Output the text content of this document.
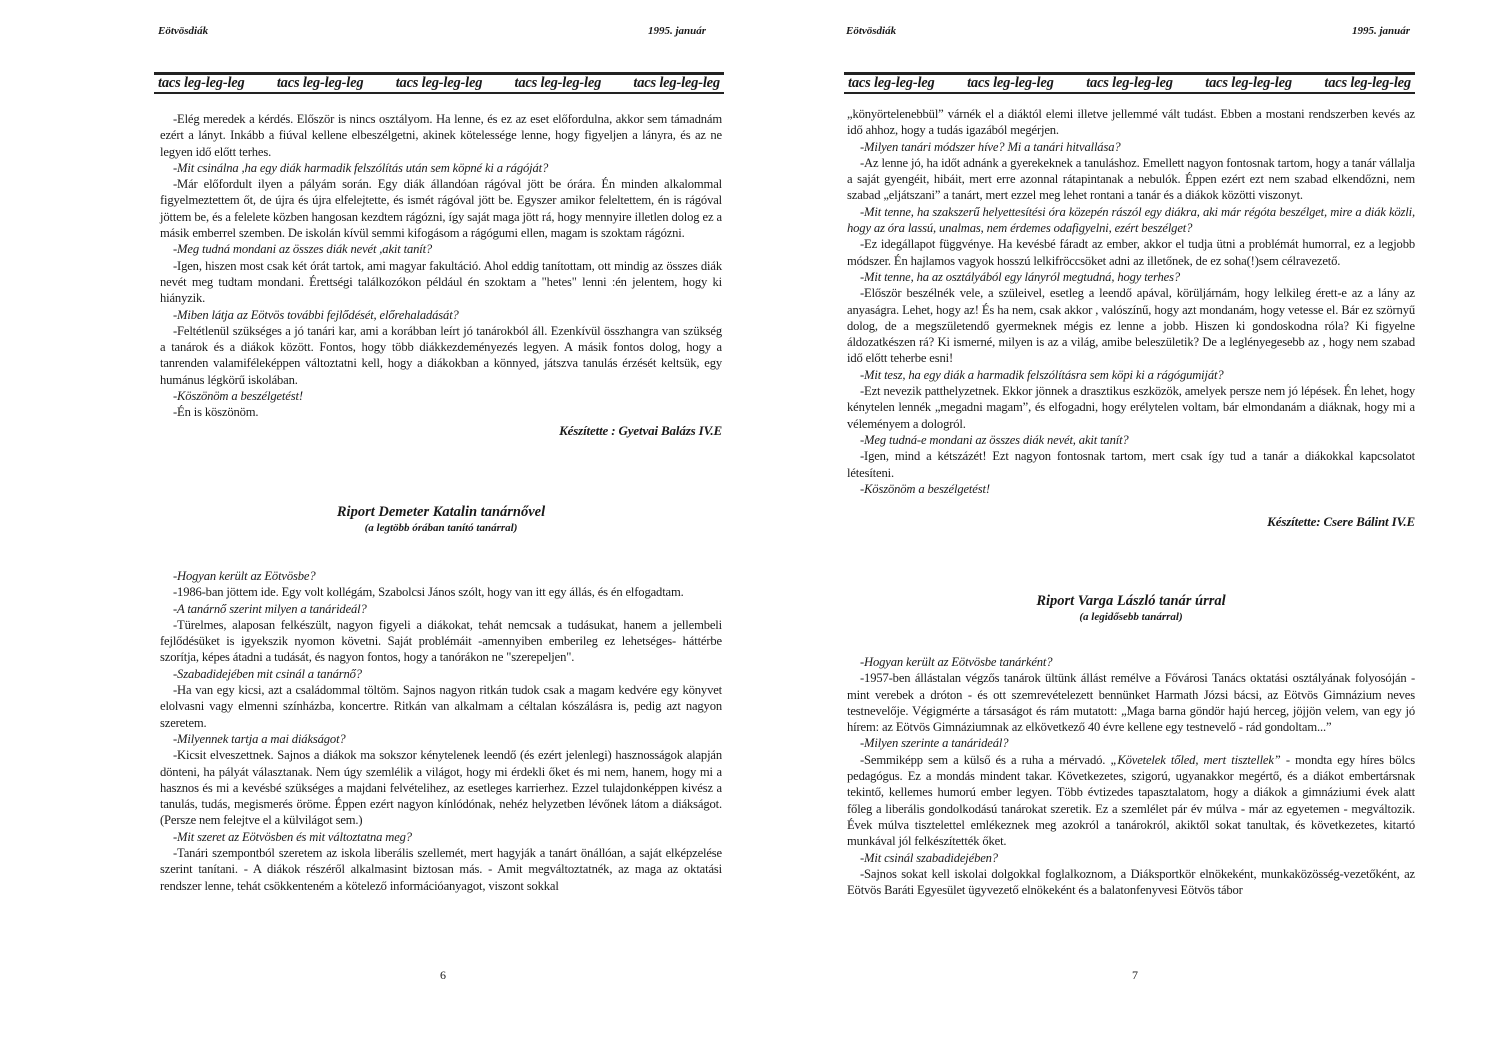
Eötvösdiák	1995. január
tacs leg-leg-leg tacs leg-leg-leg tacs leg-leg-leg tacs leg-leg-leg tacs leg-leg-leg

-Elég meredek a kérdés. Először is nincs osztályom. Ha lenne, és ez az eset előfordulna, akkor sem támadnám ezért a lányt. Inkább a fiúval kellene elbeszélgetni, akinek kötelessége lenne, hogy figyeljen a lányra, és az ne legyen idő előtt terhes.

-Mit csinálna ,ha egy diák harmadik felszólítás után sem köpné ki a rágóját?

-Már előfordult ilyen a pályám során. Egy diák állandóan rágóval jött be órára. Én minden alkalommal figyelmeztettem őt, de újra és újra elfelejtette, és ismét rágóval jött be. Egyszer amikor feleltettem, én is rágóval jöttem be, és a felelete közben hangosan kezdtem rágózni, így saját maga jött rá, hogy mennyire illetlen dolog ez a másik emberrel szemben. De iskolán kívül semmi kifogásom a rágógumi ellen, magam is szoktam rágózni.

-Meg tudná mondani az összes diák nevét ,akit tanít?

-Igen, hiszen most csak két órát tartok, ami magyar fakultáció. Ahol eddig tanítottam, ott mindig az összes diák nevét meg tudtam mondani. Érettségi találkozókon például én szoktam a "hetes" lenni :én jelentem, hogy ki hiányzik.

-Miben látja az Eötvös további fejlődését, előrehaladását?

-Feltétlenül szükséges a jó tanári kar, ami a korábban leírt jó tanárokból áll. Ezenkívül összhangra van szükség a tanárok és a diákok között. Fontos, hogy több diákkezdeményezés legyen. A másik fontos dolog, hogy a tanrenden valamiféleképpen változtatni kell, hogy a diákokban a könnyed, játszva tanulás érzését keltsük, egy humánus légkörű iskolában.

-Köszönöm a beszélgetést!

-Én is köszönöm.

Készítette : Gyetvai Balázs IV.E

Riport Demeter Katalin tanárnővel
(a legtöbb órában tanító tanárral)

-Hogyan került az Eötvösbe?

-1986-ban jöttem ide. Egy volt kollégám, Szabolcsi János szólt, hogy van itt egy állás, és én elfogadtam.

-A tanárnő szerint milyen a tanárideál?

-Türelmes, alaposan felkészült, nagyon figyeli a diákokat, tehát nemcsak a tudásukat, hanem a jellembeli fejlődésüket is igyekszik nyomon követni. Saját problémáit -amennyiben emberileg ez lehetséges- háttérbe szorítja, képes átadni a tudását, és nagyon fontos, hogy a tanórákon ne "szerepeljen".

-Szabadidejében mit csinál a tanárnő?

-Ha van egy kicsi, azt a családommal töltöm. Sajnos nagyon ritkán tudok csak a magam kedvére egy könyvet elolvasni vagy elmenni színházba, koncertre. Ritkán van alkalmam a céltalan kószálásra is, pedig azt nagyon szeretem.

-Milyennek tartja a mai diákságot?

-Kicsit elveszettnek. Sajnos a diákok ma sokszor kénytelenek leendő (és ezért jelenlegi) hasznosságok alapján dönteni, ha pályát választanak. Nem úgy szemlélik a világot, hogy mi érdekli őket és mi nem, hanem, hogy mi a hasznos és mi a kevésbé szükséges a majdani felvételihez, az esetleges karrierhez. Ezzel tulajdonképpen kivész a tanulás, tudás, megismerés öröme. Éppen ezért nagyon kínlódónak, nehéz helyzetben lévőnek látom a diákságot. (Persze nem felejtve el a külvilágot sem.)

-Mit szeret az Eötvösben és mit változtatna meg?

-Tanári szempontból szeretem az iskola liberális szellemét, mert hagyják a tanárt önállóan, a saját elképzelése szerint tanítani. - A diákok részéről alkalmasint biztosan más. - Amit megváltoztatnék, az maga az oktatási rendszer lenne, tehát csökkenteném a kötelező információanyagot, viszont sokkal

6
Eötvösdiák	1995. január
tacs leg-leg-leg tacs leg-leg-leg tacs leg-leg-leg tacs leg-leg-leg tacs leg-leg-leg

„könyörtelenebbül” várnék el a diáktól elemi illetve jellemmé vált tudást. Ebben a mostani rendszerben kevés az idő ahhoz, hogy a tudás igazából megérjen.

-Milyen tanári módszer híve? Mi a tanári hitvallása?

-Az lenne jó, ha időt adnánk a gyerekeknek a tanuláshoz. Emellett nagyon fontosnak tartom, hogy a tanár vállalja a saját gyengéit, hibáit, mert erre azonnal rátapintanak a nebulók. Éppen ezért ezt nem szabad elkendőzni, nem szabad „eljátszani” a tanárt, mert ezzel meg lehet rontani a tanár és a diákok közötti viszonyt.

-Mit tenne, ha szakszerű helyettesítési óra közepén rászól egy diákra, aki már régóta beszélget, mire a diák közli, hogy az óra lassú, unalmas, nem érdemes odafigyelni, ezért beszélget?

-Ez idegállapot függvénye. Ha kevésbé fáradt az ember, akkor el tudja ütni a problémát humorral, ez a legjobb módszer. Én hajlamos vagyok hosszú lelkifröccsöket adni az illetőnek, de ez soha(!)sem célravezető.

-Mit tenne, ha az osztályából egy lányról megtudná, hogy terhes?

-Először beszélnék vele, a szüleivel, esetleg a leendő apával, körüljárnám, hogy lelkileg érett-e az a lány az anyaságra. Lehet, hogy az! És ha nem, csak akkor , valószínű, hogy azt mondanám, hogy vetesse el. Bár ez szörnyű dolog, de a megszületendő gyermeknek mégis ez lenne a jobb. Hiszen ki gondoskodna róla? Ki figyelne áldozatkészen rá? Ki ismerné, milyen is az a világ, amibe beleszületik? De a leglényegesebb az , hogy nem szabad idő előtt teherbe esni!

-Mit tesz, ha egy diák a harmadik felszólításra sem köpi ki a rágógumiját?

-Ezt nevezik patthelyzetnek. Ekkor jönnek a drasztikus eszközök, amelyek persze nem jó lépések. Én lehet, hogy kénytelen lennék „megadni magam”, és elfogadni, hogy erélytelen voltam, bár elmondanám a diáknak, hogy mi a véleményem a dologról.

-Meg tudná-e mondani az összes diák nevét, akit tanít?

-Igen, mind a kétszázét! Ezt nagyon fontosnak tartom, mert csak így tud a tanár a diákokkal kapcsolatot létesíteni.

-Köszönöm a beszélgetést!

Készítette: Csere Bálint IV.E

Riport Varga László tanár úrral
(a legidősebb tanárral)

-Hogyan került az Eötvösbe tanárként?

-1957-ben állástalan végzős tanárok ültünk állást remélve a Fővárosi Tanács oktatási osztályának folyosóján - mint verebek a dróton - és ott szemrevételezett bennünket Harmath Józsi bácsi, az Eötvös Gimnázium neves testnevelője. Végigmérte a társaságot és rám mutatott: „Maga barna göndör hajú herceg, jöjjön velem, van egy jó hírem: az Eötvös Gimnáziumnak az elkövetkező 40 évre kellene egy testnevelő - rád gondoltam...”

-Milyen szerinte a tanárideál?

-Semmiképp sem a külső és a ruha a mérvadó. „Követelek tőled, mert tisztellek” - mondta egy híres bölcs pedagógus. Ez a mondás mindent takar. Következetes, szigorú, ugyanakkor megértő, és a diákot embertársnak tekintő, kellemes humorú ember legyen. Több évtizedes tapasztalatom, hogy a diákok a gimnáziumi évek alatt főleg a liberális gondolkodású tanárokat szeretik. Ez a szemlélet pár év múlva - már az egyetemen - megváltozik. Évek múlva tisztelettel emlékeznek meg azokról a tanárokról, akiktől sokat tanultak, és következetes, kitartó munkával jól felkészítették őket.

-Mit csinál szabadidejében?

-Sajnos sokat kell iskolai dolgokkal foglalkoznom, a Diáksportkör elnökeként, munkaközösség-vezetőként, az Eötvös Baráti Egyesület ügyvezető elnökeként és a balatonfenyvesi Eötvös tábor

7
